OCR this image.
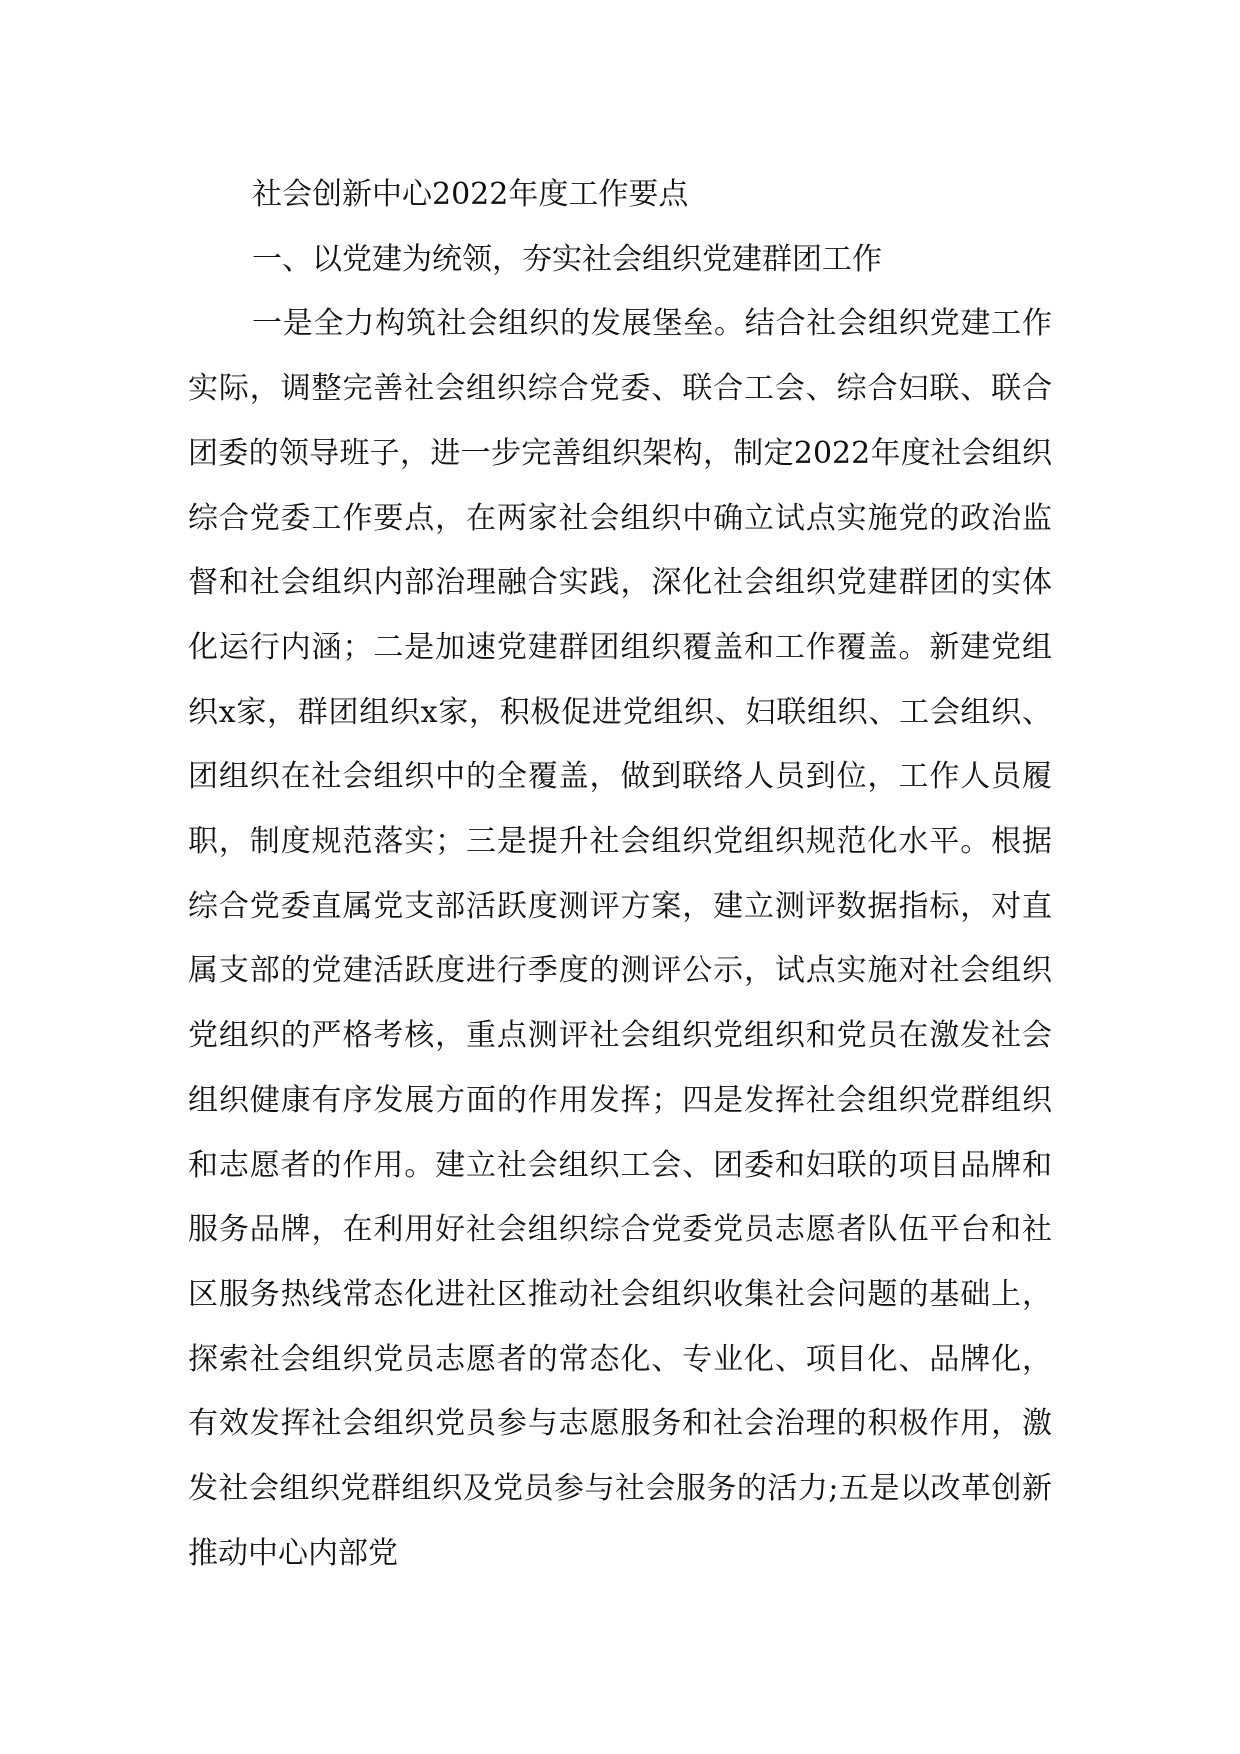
社会创新中心2022年度工作要点

一、以党建为统领，夯实社会组织党建群团工作

一是全力构筑社会组织的发展堡垒。结合社会组织党建工作实际，调整完善社会组织综合党委、联合工会、综合妇联、联合团委的领导班子，进一步完善组织架构，制定2022年度社会组织综合党委工作要点，在两家社会组织中确立试点实施党的政治监督和社会组织内部治理融合实践，深化社会组织党建群团的实体化运行内涵；二是加速党建群团组织覆盖和工作覆盖。新建党组织x家，群团组织x家，积极促进党组织、妇联组织、工会组织、团组织在社会组织中的全覆盖，做到联络人员到位，工作人员履职，制度规范落实；三是提升社会组织党组织规范化水平。根据综合党委直属党支部活跃度测评方案，建立测评数据指标，对直属支部的党建活跃度进行季度的测评公示，试点实施对社会组织党组织的严格考核，重点测评社会组织党组织和党员在激发社会组织健康有序发展方面的作用发挥；四是发挥社会组织党群组织和志愿者的作用。建立社会组织工会、团委和妇联的项目品牌和服务品牌，在利用好社会组织综合党委党员志愿者队伍平台和社区服务热线常态化进社区推动社会组织收集社会问题的基础上，探索社会组织党员志愿者的常态化、专业化、项目化、品牌化，有效发挥社会组织党员参与志愿服务和社会治理的积极作用，激发社会组织党群组织及党员参与社会服务的活力;五是以改革创新推动中心内部党
